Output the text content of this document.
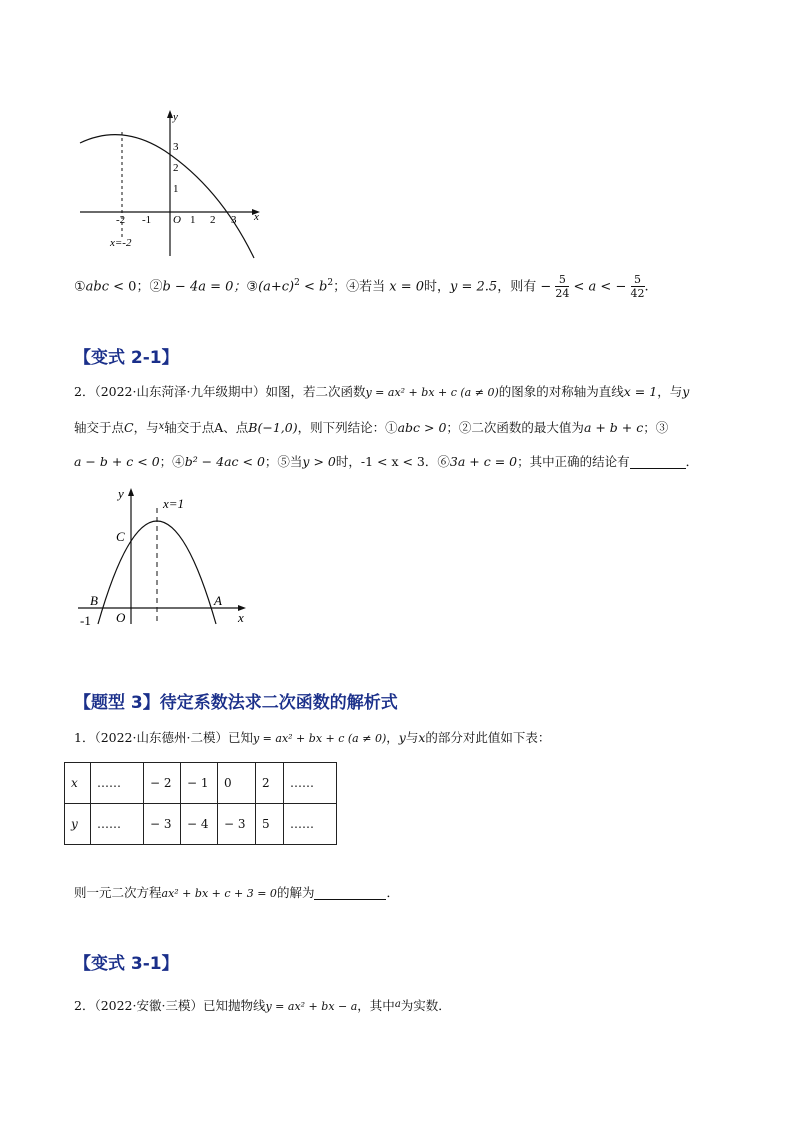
x
y
-2 -1 O 1 2 3
3
2
1
x=-2
①abc < 0；②b − 4a = 0；$③(a+c)^2 < b^2$；④若当 x = 0时，y = 2.5，则有 − $\frac{5}{24} < a$ < − $\frac{5}{42}$ .
【变式 2-1】
2．（2022·山东菏泽·九年级期中）如图，若二次函数y = ax² + bx + c (a ≠ 0)的图象的对称轴为直线x = 1，与y
轴交于点C，与$^x$轴交于点A、点B(−1,0)，则下列结论：①abc > 0；②二次函数的最大值为a + b + c；③
a − b + c < 0；④b² − 4ac < 0；⑤当y > 0时，-1 < x < 3．⑥3a + c = 0；其中正确的结论有	．
y
x
x=1
C
B	A
O
-1
【题型 3】待定系数法求二次函数的解析式
1．（2022·山东德州·二模）已知y = ax² + bx + c (a ≠ 0)，y与x的部分对此值如下表：
x	……	− 2	− 1	0	2	……
y	……	− 3	− 4	− 3	5	……
则一元二次方程ax² + bx + c + 3 = 0的解为	．
【变式 3-1】
2．（2022·安徽·三模）已知抛物线y = ax² + bx − a，其中$^a$为实数．
